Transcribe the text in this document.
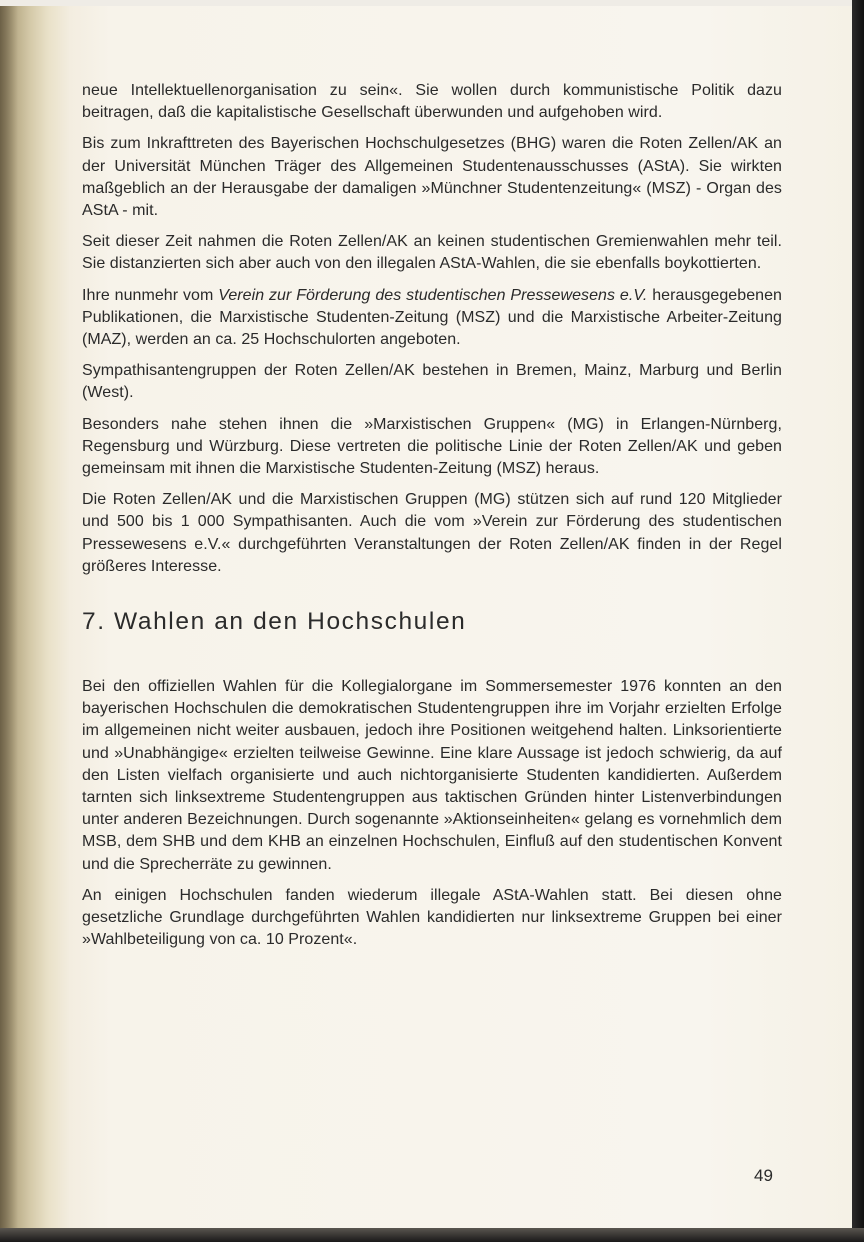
neue Intellektuellenorganisation zu sein«. Sie wollen durch kommunistische Politik dazu beitragen, daß die kapitalistische Gesellschaft überwunden und aufgehoben wird.

Bis zum Inkrafttreten des Bayerischen Hochschulgesetzes (BHG) waren die Roten Zellen/AK an der Universität München Träger des Allgemeinen Studentenausschusses (AStA). Sie wirkten maßgeblich an der Herausgabe der damaligen »Münchner Studentenzeitung« (MSZ) - Organ des AStA - mit.

Seit dieser Zeit nahmen die Roten Zellen/AK an keinen studentischen Gremienwahlen mehr teil. Sie distanzierten sich aber auch von den illegalen AStA-Wahlen, die sie ebenfalls boykottierten.

Ihre nunmehr vom Verein zur Förderung des studentischen Pressewesens e.V. herausgegebenen Publikationen, die Marxistische Studenten-Zeitung (MSZ) und die Marxistische Arbeiter-Zeitung (MAZ), werden an ca. 25 Hochschulorten angeboten.

Sympathisantengruppen der Roten Zellen/AK bestehen in Bremen, Mainz, Marburg und Berlin (West).

Besonders nahe stehen ihnen die »Marxistischen Gruppen« (MG) in Erlangen-Nürnberg, Regensburg und Würzburg. Diese vertreten die politische Linie der Roten Zellen/AK und geben gemeinsam mit ihnen die Marxistische Studenten-Zeitung (MSZ) heraus.

Die Roten Zellen/AK und die Marxistischen Gruppen (MG) stützen sich auf rund 120 Mitglieder und 500 bis 1 000 Sympathisanten. Auch die vom »Verein zur Förderung des studentischen Pressewesens e.V.« durchgeführten Veranstaltungen der Roten Zellen/AK finden in der Regel größeres Interesse.

7. Wahlen an den Hochschulen

Bei den offiziellen Wahlen für die Kollegialorgane im Sommersemester 1976 konnten an den bayerischen Hochschulen die demokratischen Studentengruppen ihre im Vorjahr erzielten Erfolge im allgemeinen nicht weiter ausbauen, jedoch ihre Positionen weitgehend halten. Linksorientierte und »Unabhängige« erzielten teilweise Gewinne. Eine klare Aussage ist jedoch schwierig, da auf den Listen vielfach organisierte und auch nichtorganisierte Studenten kandidierten. Außerdem tarnten sich linksextreme Studentengruppen aus taktischen Gründen hinter Listenverbindungen unter anderen Bezeichnungen. Durch sogenannte »Aktionseinheiten« gelang es vornehmlich dem MSB, dem SHB und dem KHB an einzelnen Hochschulen, Einfluß auf den studentischen Konvent und die Sprecherräte zu gewinnen.

An einigen Hochschulen fanden wiederum illegale AStA-Wahlen statt. Bei diesen ohne gesetzliche Grundlage durchgeführten Wahlen kandidierten nur linksextreme Gruppen bei einer »Wahlbeteiligung von ca. 10 Prozent«.

49
